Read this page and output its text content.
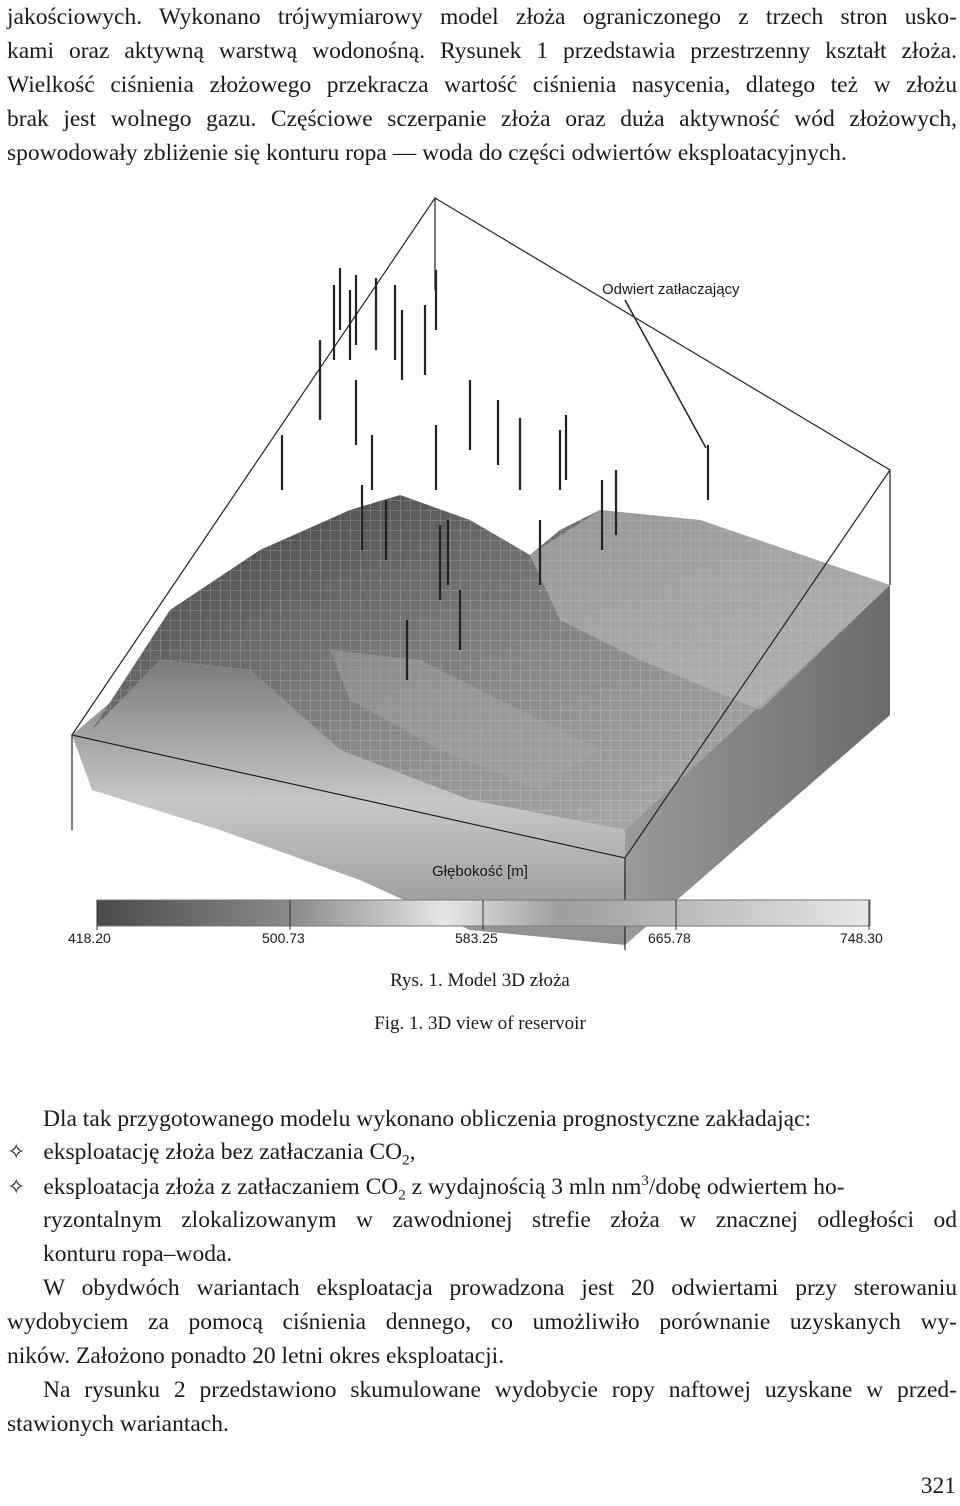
jakościowych. Wykonano trójwymiarowy model złoża ograniczonego z trzech stron usko-
kami oraz aktywną warstwą wodonośną. Rysunek 1 przedstawia przestrzenny kształt złoża.
Wielkość ciśnienia złożowego przekracza wartość ciśnienia nasycenia, dlatego też w złożu
brak jest wolnego gazu. Częściowe sczerpanie złoża oraz duża aktywność wód złożowych,
spowodowały zbliżenie się konturu ropa — woda do części odwiertów eksploatacyjnych.
Odwiert zatłaczający
Głębokość [m]
418.20	500.73	583.25	665.78	748.30
Rys. 1. Model 3D złoża
Fig. 1. 3D view of reservoir
Dla tak przygotowanego modelu wykonano obliczenia prognostyczne zakładając:
✧ eksploatację złoża bez zatłaczania $CO_2$,
✧ eksploatacja złoża z zatłaczaniem $CO_2$ z wydajnością 3 mln $nm^3$/dobę odwiertem ho-
ryzontalnym zlokalizowanym w zawodnionej strefie złoża w znacznej odległości od
konturu ropa–woda.
W obydwóch wariantach eksploatacja prowadzona jest 20 odwiertami przy sterowaniu
wydobyciem za pomocą ciśnienia dennego, co umożliwiło porównanie uzyskanych wy-
ników. Założono ponadto 20 letni okres eksploatacji.
Na rysunku 2 przedstawiono skumulowane wydobycie ropy naftowej uzyskane w przed-
stawionych wariantach.
321
